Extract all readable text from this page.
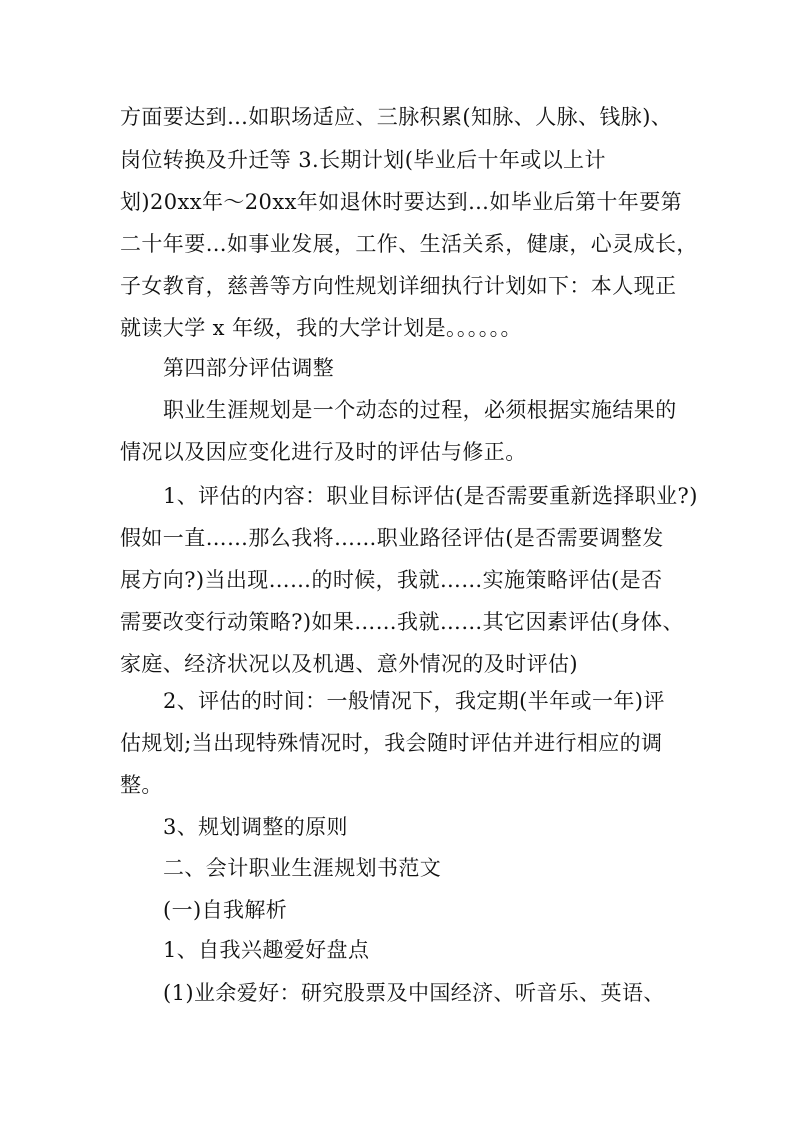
方面要达到…如职场适应、三脉积累(知脉、人脉、钱脉)、
岗位转换及升迁等 3.长期计划(毕业后十年或以上计
划)20xx年～20xx年如退休时要达到…如毕业后第十年要第
二十年要…如事业发展，工作、生活关系，健康，心灵成长，
子女教育，慈善等方向性规划详细执行计划如下：本人现正
就读大学 x 年级，我的大学计划是。。。。。。
第四部分评估调整
职业生涯规划是一个动态的过程，必须根据实施结果的
情况以及因应变化进行及时的评估与修正。
1、评估的内容：职业目标评估(是否需要重新选择职业?)
假如一直……那么我将……职业路径评估(是否需要调整发
展方向?)当出现……的时候，我就……实施策略评估(是否
需要改变行动策略?)如果……我就……其它因素评估(身体、
家庭、经济状况以及机遇、意外情况的及时评估)
2、评估的时间：一般情况下，我定期(半年或一年)评
估规划;当出现特殊情况时，我会随时评估并进行相应的调
整。
3、规划调整的原则
二、会计职业生涯规划书范文
(一)自我解析
1、自我兴趣爱好盘点
(1)业余爱好：研究股票及中国经济、听音乐、英语、
